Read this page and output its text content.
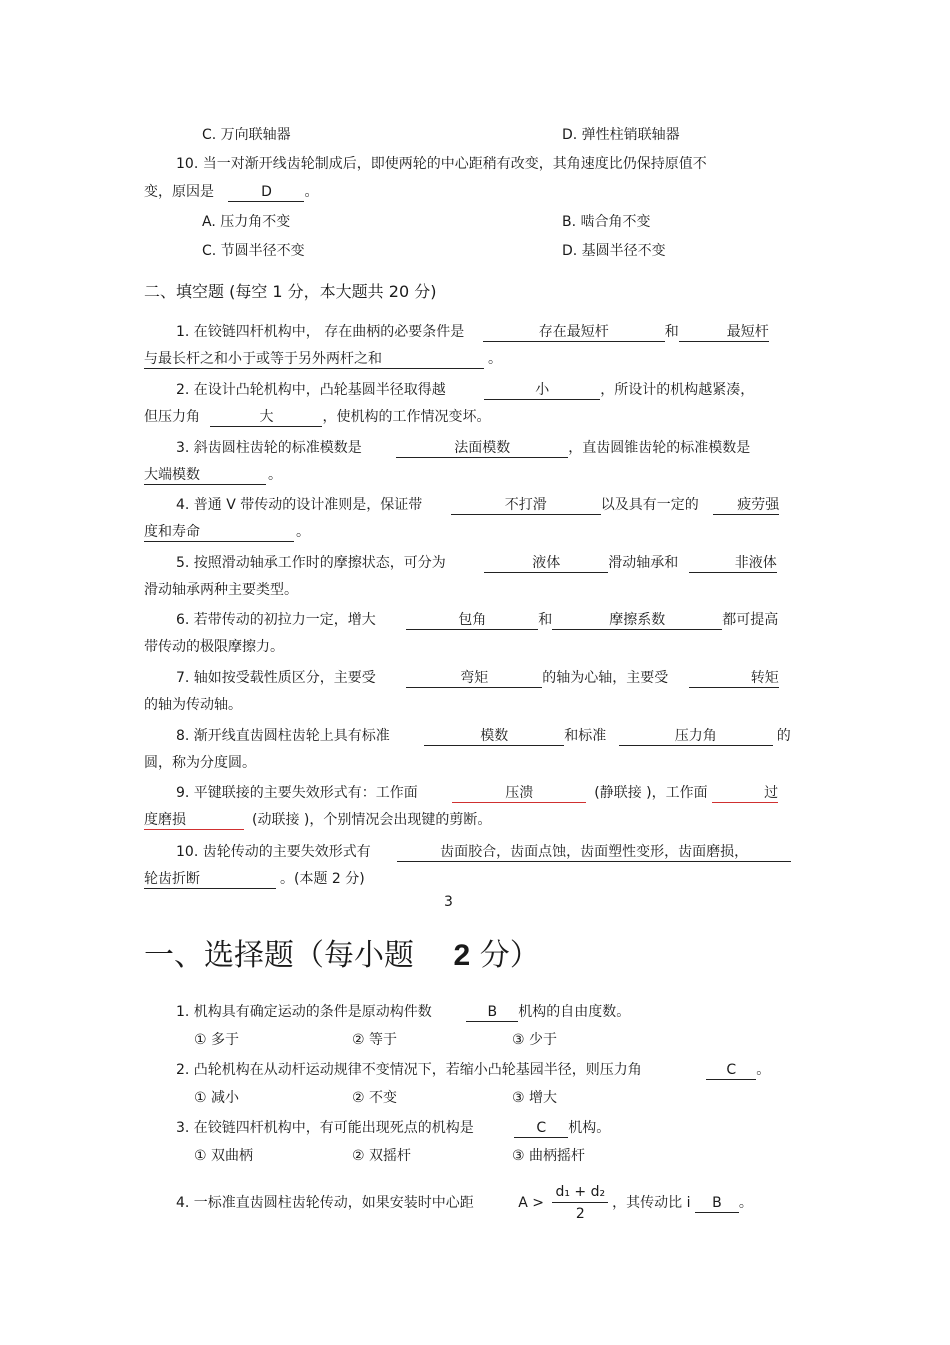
C. 万向联轴器	D. 弹性柱销联轴器
10. 当一对渐开线齿轮制成后，即使两轮的中心距稍有改变，其角速度比仍保持原值不
变，原因是	D 。
A. 压力角不变	B. 啮合角不变
C. 节圆半径不变	D. 基圆半径不变
二、填空题 (每空 1 分，本大题共 20 分)
1. 在铰链四杆机构中， 存在曲柄的必要条件是	存在最短杆	和	最短杆
与最长杆之和小于或等于另外两杆之和	。
2. 在设计凸轮机构中，凸轮基圆半径取得越	小	，所设计的机构越紧凑，
但压力角	大	，使机构的工作情况变坏。
3. 斜齿圆柱齿轮的标准模数是	法面模数	，直齿圆锥齿轮的标准模数是
大端模数	。
4. 普通 V 带传动的设计准则是，保证带	不打滑	以及具有一定的	疲劳强
度和寿命	。
5. 按照滑动轴承工作时的摩擦状态，可分为	液体	滑动轴承和	非液体
滑动轴承两种主要类型。
6. 若带传动的初拉力一定，增大	包角	和	摩擦系数	都可提高
带传动的极限摩擦力。
7. 轴如按受载性质区分，主要受	弯矩	的轴为心轴，主要受	转矩
的轴为传动轴。
8. 渐开线直齿圆柱齿轮上具有标准	模数	和标准	压力角	的
圆，称为分度圆。
9. 平键联接的主要失效形式有：工作面	压溃	(静联接 )，工作面	过
度磨损	(动联接 )，个别情况会出现键的剪断。
10. 齿轮传动的主要失效形式有	齿面胶合，齿面点蚀，齿面塑性变形，齿面磨损，
轮齿折断	。(本题 2 分)
3
一、选择题（每小题 2 分）
1. 机构具有确定运动的条件是原动构件数	B 机构的自由度数。
① 多于	② 等于	③ 少于
2. 凸轮机构在从动杆运动规律不变情况下，若缩小凸轮基园半径，则压力角	C 。
① 减小	② 不变	③ 增大
3. 在铰链四杆机构中，有可能出现死点的机构是	C 机构。
① 双曲柄	② 双摇杆	③ 曲柄摇杆
4. 一标准直齿圆柱齿轮传动，如果安装时中心距	$A > \frac{\text{d₁ + d₂}}{2}$ ，其传动比 i B 。
